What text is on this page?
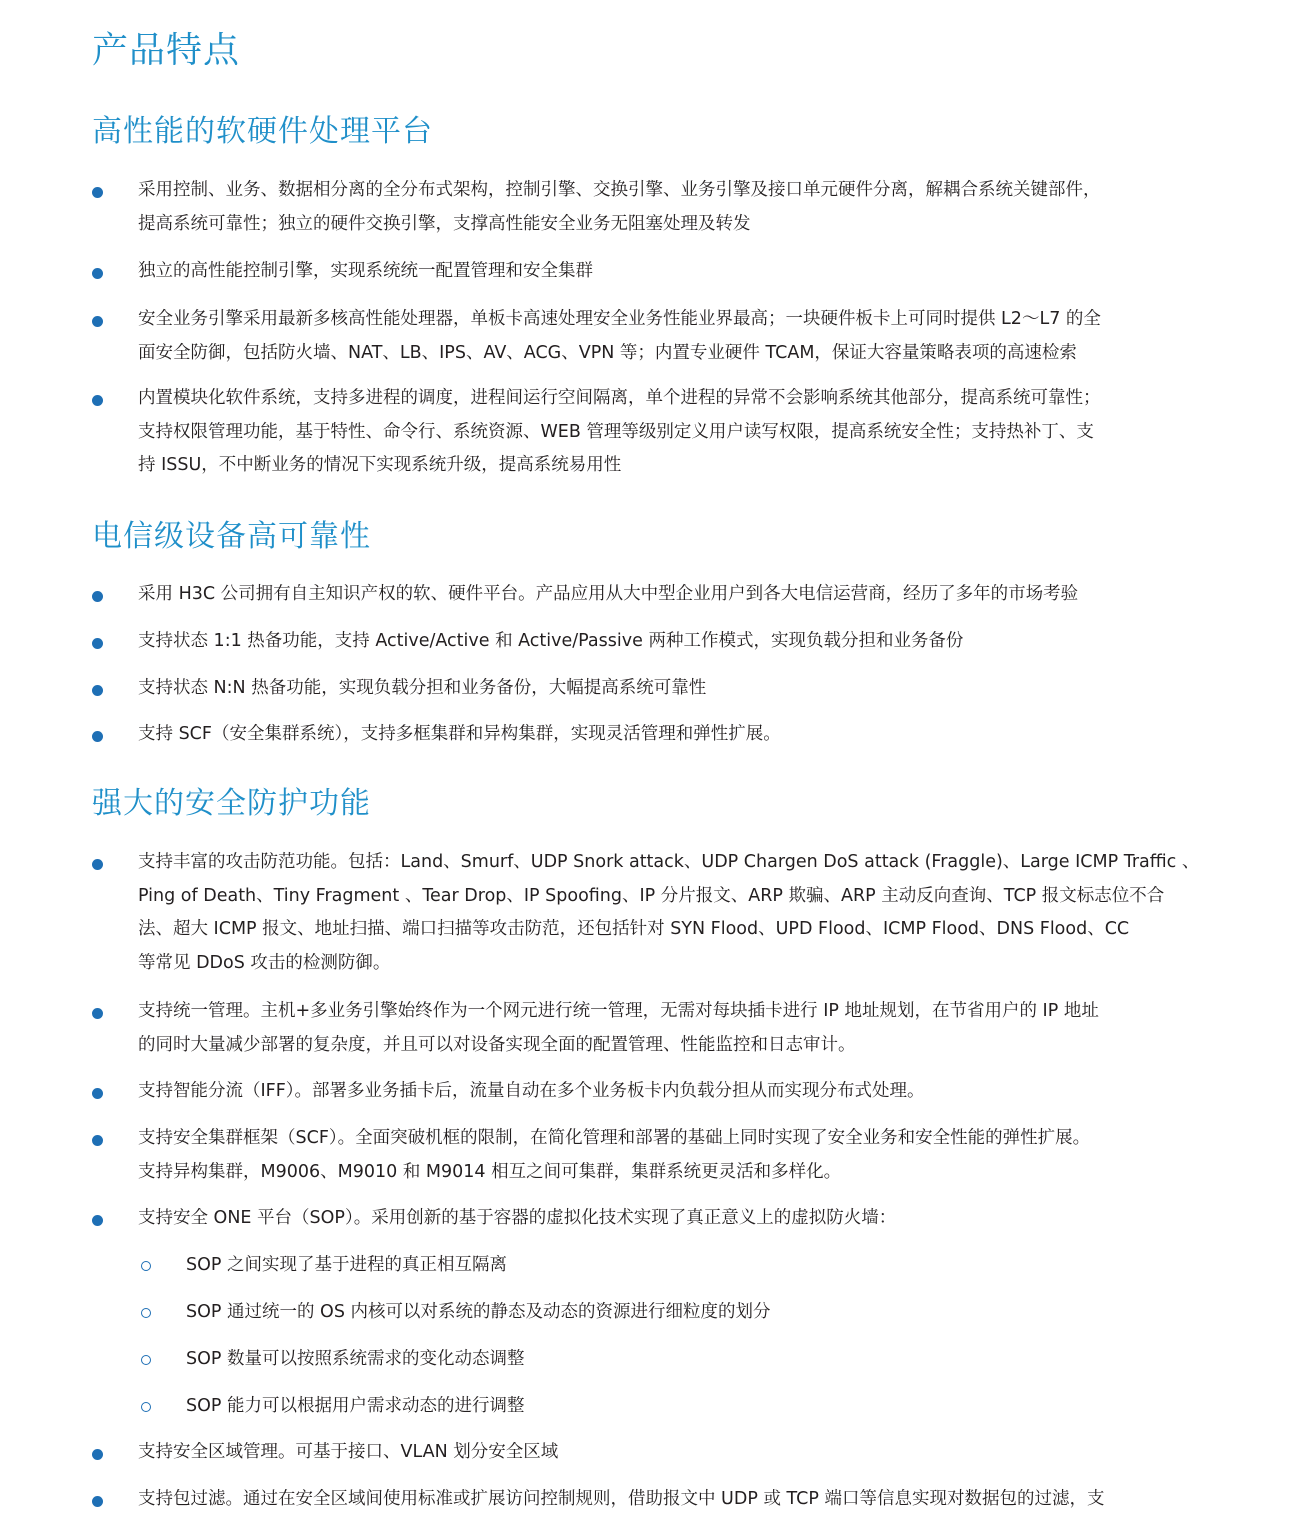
产品特点
高性能的软硬件处理平台
采用控制、业务、数据相分离的全分布式架构，控制引擎、交换引擎、业务引擎及接口单元硬件分离，解耦合系统关键部件，
提高系统可靠性；独立的硬件交换引擎，支撑高性能安全业务无阻塞处理及转发
独立的高性能控制引擎，实现系统统一配置管理和安全集群
安全业务引擎采用最新多核高性能处理器，单板卡高速处理安全业务性能业界最高；一块硬件板卡上可同时提供 L2～L7 的全
面安全防御，包括防火墙、NAT、LB、IPS、AV、ACG、VPN 等；内置专业硬件 TCAM，保证大容量策略表项的高速检索
内置模块化软件系统，支持多进程的调度，进程间运行空间隔离，单个进程的异常不会影响系统其他部分，提高系统可靠性；
支持权限管理功能，基于特性、命令行、系统资源、WEB 管理等级别定义用户读写权限，提高系统安全性；支持热补丁、支
持 ISSU，不中断业务的情况下实现系统升级，提高系统易用性
电信级设备高可靠性
采用 H3C 公司拥有自主知识产权的软、硬件平台。产品应用从大中型企业用户到各大电信运营商，经历了多年的市场考验
支持状态 1:1 热备功能，支持 Active/Active 和 Active/Passive 两种工作模式，实现负载分担和业务备份
支持状态 N:N 热备功能，实现负载分担和业务备份，大幅提高系统可靠性
支持 SCF（安全集群系统），支持多框集群和异构集群，实现灵活管理和弹性扩展。
强大的安全防护功能
支持丰富的攻击防范功能。包括：Land、Smurf、UDP Snork attack、UDP Chargen DoS attack (Fraggle)、Large ICMP Traffic 、
Ping of Death、Tiny Fragment 、Tear Drop、IP Spoofing、IP 分片报文、ARP 欺骗、ARP 主动反向查询、TCP 报文标志位不合
法、超大 ICMP 报文、地址扫描、端口扫描等攻击防范，还包括针对 SYN Flood、UPD Flood、ICMP Flood、DNS Flood、CC
等常见 DDoS 攻击的检测防御。
支持统一管理。主机+多业务引擎始终作为一个网元进行统一管理，无需对每块插卡进行 IP 地址规划，在节省用户的 IP 地址
的同时大量减少部署的复杂度，并且可以对设备实现全面的配置管理、性能监控和日志审计。
支持智能分流（IFF）。部署多业务插卡后，流量自动在多个业务板卡内负载分担从而实现分布式处理。
支持安全集群框架（SCF）。全面突破机框的限制，在简化管理和部署的基础上同时实现了安全业务和安全性能的弹性扩展。
支持异构集群，M9006、M9010 和 M9014 相互之间可集群，集群系统更灵活和多样化。
支持安全 ONE 平台（SOP）。采用创新的基于容器的虚拟化技术实现了真正意义上的虚拟防火墙：
SOP 之间实现了基于进程的真正相互隔离
SOP 通过统一的 OS 内核可以对系统的静态及动态的资源进行细粒度的划分
SOP 数量可以按照系统需求的变化动态调整
SOP 能力可以根据用户需求动态的进行调整
支持安全区域管理。可基于接口、VLAN 划分安全区域
支持包过滤。通过在安全区域间使用标准或扩展访问控制规则，借助报文中 UDP 或 TCP 端口等信息实现对数据包的过滤，支
